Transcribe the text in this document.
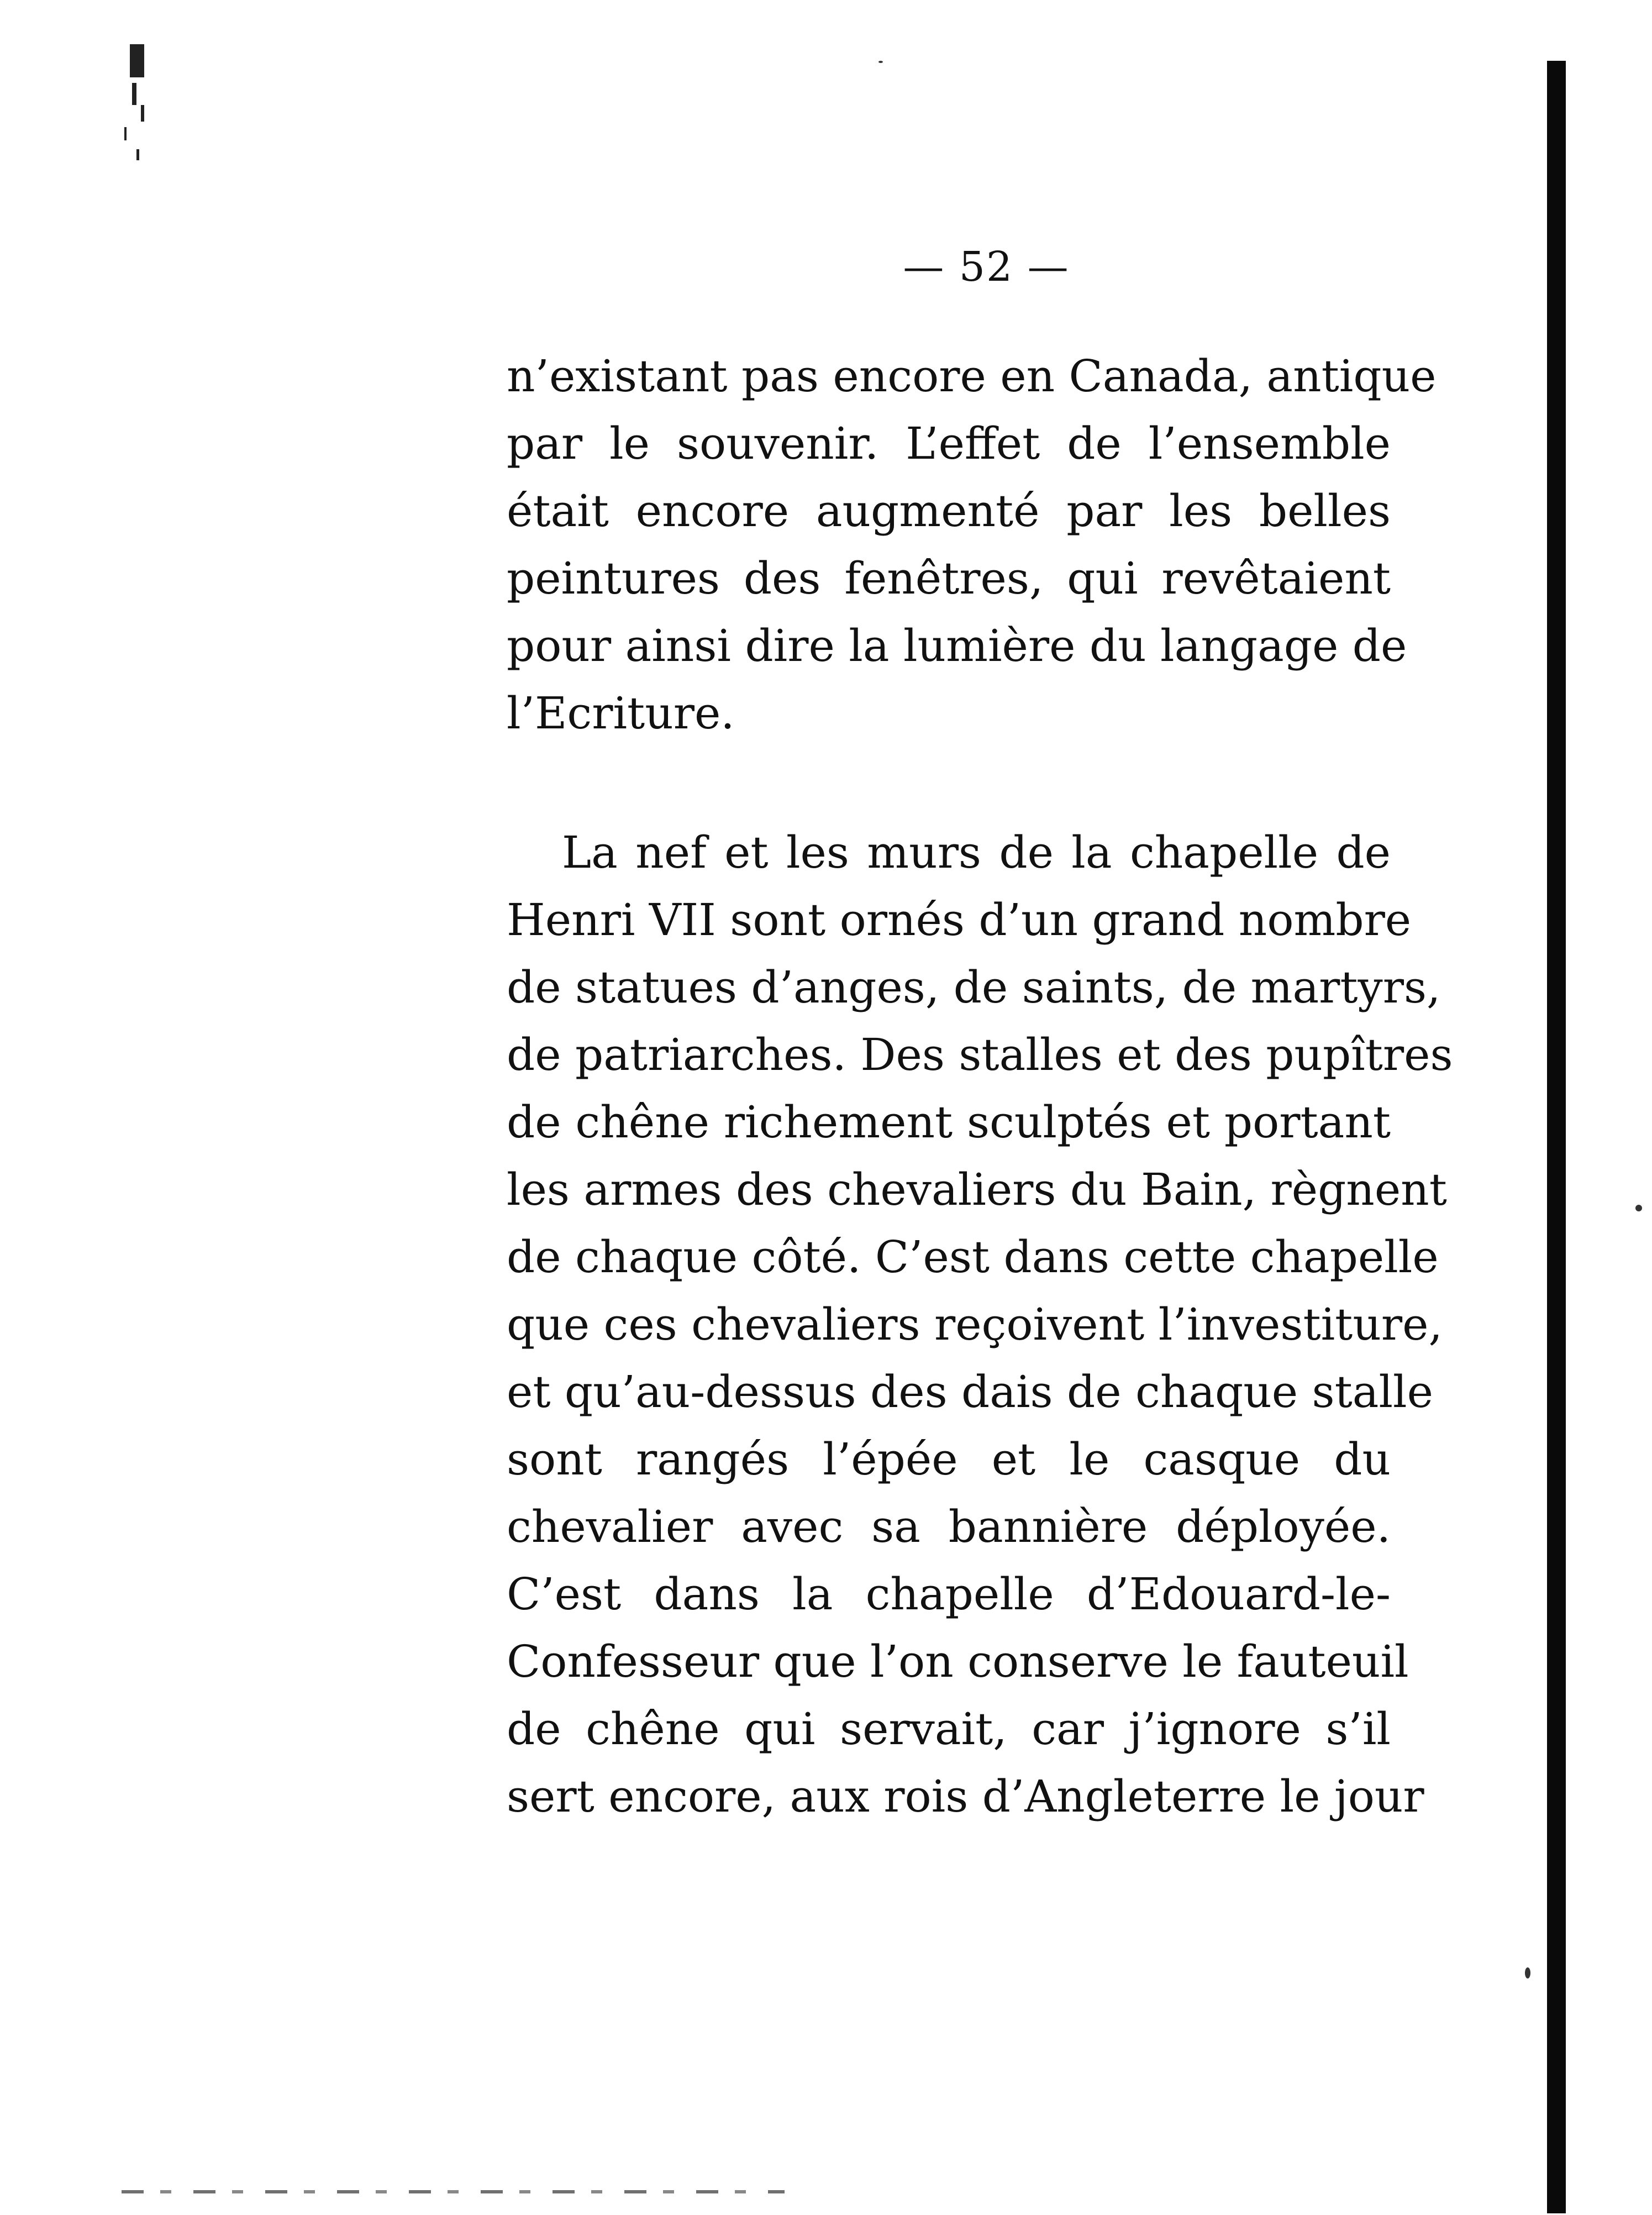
— 52 —
n’existant pas encore en Canada, antique
par le souvenir. L’effet de l’ensemble
était encore augmenté par les belles
peintures des fenêtres, qui revêtaient
pour ainsi dire la lumière du langage de
l’Ecriture.
La nef et les murs de la chapelle de
Henri VII sont ornés d’un grand nombre
de statues d’anges, de saints, de martyrs,
de patriarches. Des stalles et des pupîtres
de chêne richement sculptés et portant
les armes des chevaliers du Bain, règnent
de chaque côté. C’est dans cette chapelle
que ces chevaliers reçoivent l’investiture,
et qu’au-dessus des dais de chaque stalle
sont rangés l’épée et le casque du
chevalier avec sa bannière déployée.
C’est dans la chapelle d’Edouard-le-
Confesseur que l’on conserve le fauteuil
de chêne qui servait, car j’ignore s’il
sert encore, aux rois d’Angleterre le jour
